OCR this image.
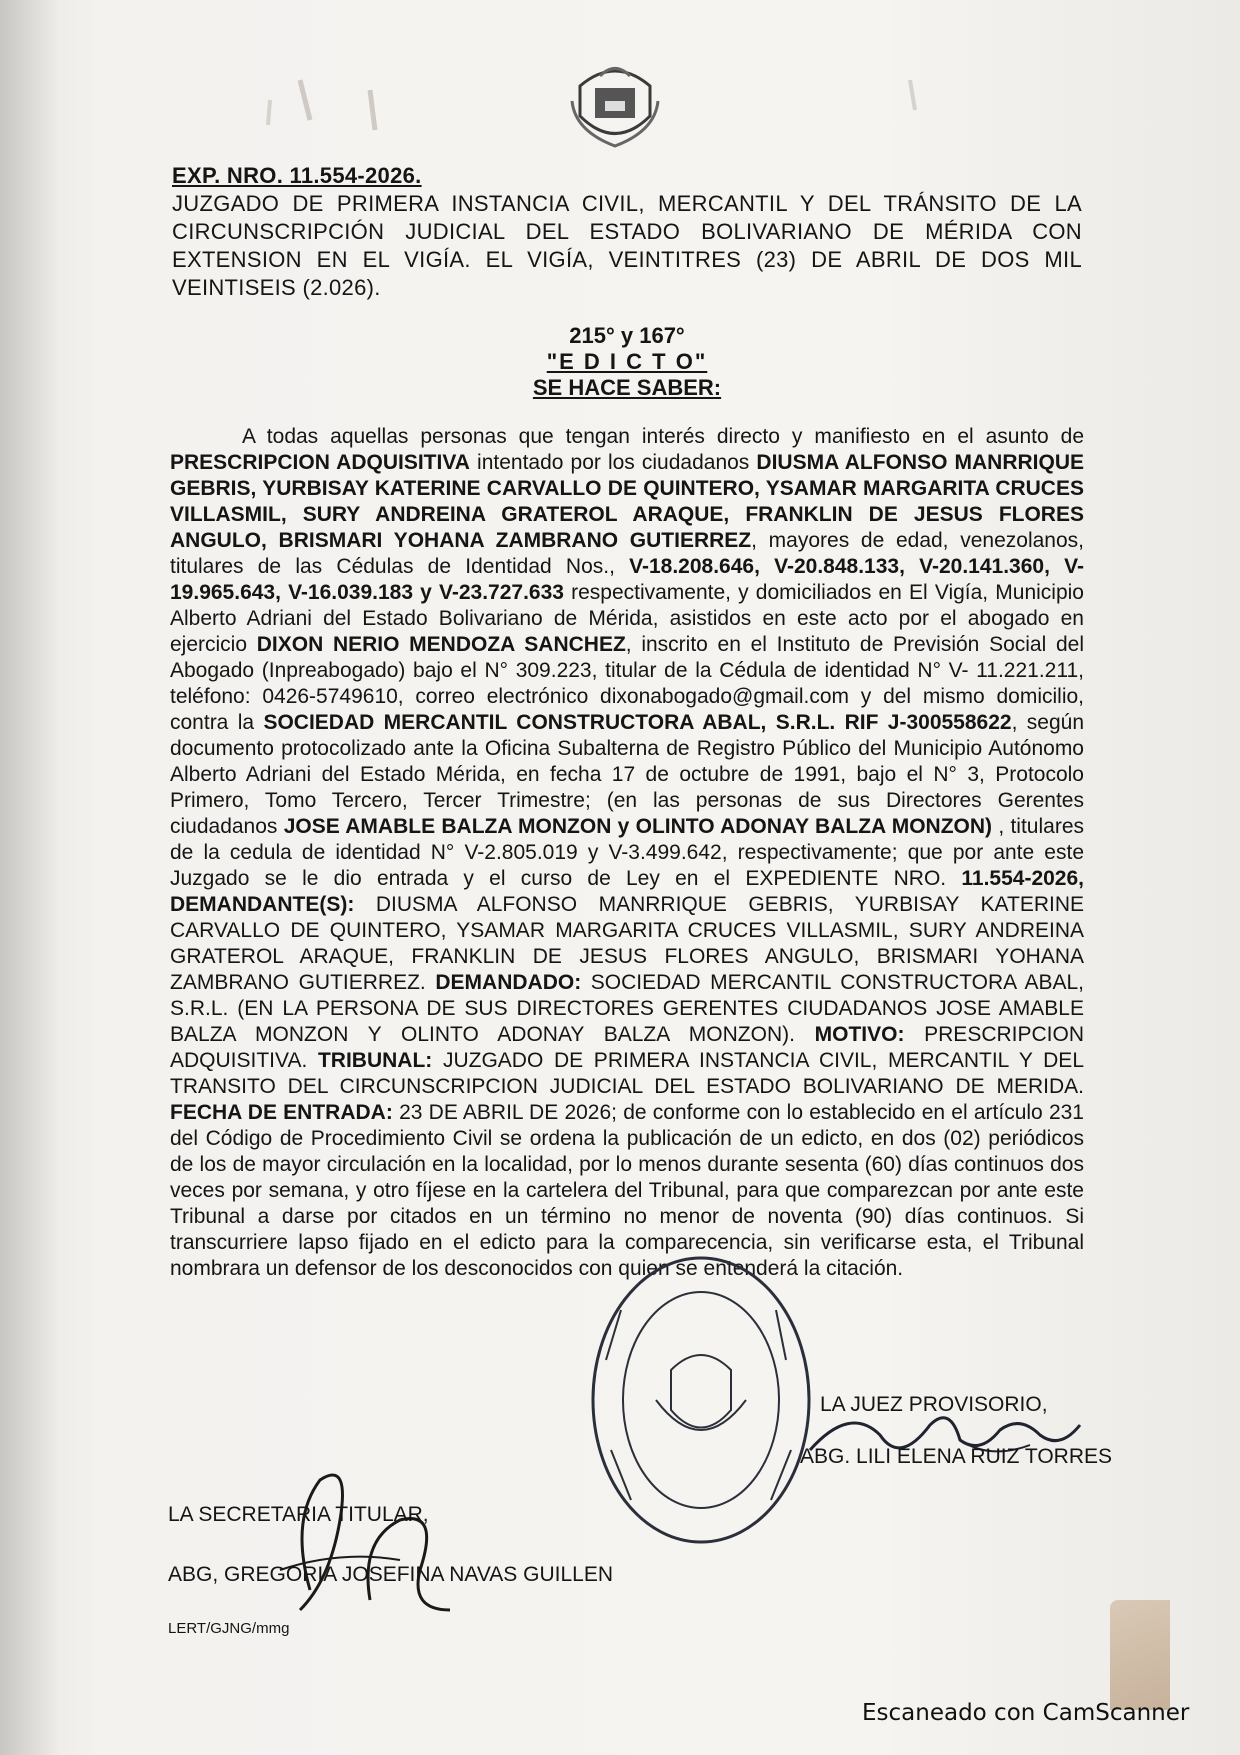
EXP. NRO. 11.554-2026.
JUZGADO DE PRIMERA INSTANCIA CIVIL, MERCANTIL Y DEL TRÁNSITO DE LA CIRCUNSCRIPCIÓN JUDICIAL DEL ESTADO BOLIVARIANO DE MÉRIDA CON EXTENSION EN EL VIGÍA. EL VIGÍA, VEINTITRES (23) DE ABRIL DE DOS MIL VEINTISEIS (2.026).
215° y 167°
"E D I C T O"
SE HACE SABER:
A todas aquellas personas que tengan interés directo y manifiesto en el asunto de PRESCRIPCION ADQUISITIVA intentado por los ciudadanos DIUSMA ALFONSO MANRRIQUE GEBRIS, YURBISAY KATERINE CARVALLO DE QUINTERO, YSAMAR MARGARITA CRUCES VILLASMIL, SURY ANDREINA GRATEROL ARAQUE, FRANKLIN DE JESUS FLORES ANGULO, BRISMARI YOHANA ZAMBRANO GUTIERREZ, mayores de edad, venezolanos, titulares de las Cédulas de Identidad Nos., V-18.208.646, V-20.848.133, V-20.141.360, V-19.965.643, V-16.039.183 y V-23.727.633 respectivamente, y domiciliados en El Vigía, Municipio Alberto Adriani del Estado Bolivariano de Mérida, asistidos en este acto por el abogado en ejercicio DIXON NERIO MENDOZA SANCHEZ, inscrito en el Instituto de Previsión Social del Abogado (Inpreabogado) bajo el N° 309.223, titular de la Cédula de identidad N° V- 11.221.211, teléfono: 0426-5749610, correo electrónico dixonabogado@gmail.com y del mismo domicilio, contra la SOCIEDAD MERCANTIL CONSTRUCTORA ABAL, S.R.L. RIF J-300558622, según documento protocolizado ante la Oficina Subalterna de Registro Público del Municipio Autónomo Alberto Adriani del Estado Mérida, en fecha 17 de octubre de 1991, bajo el N° 3, Protocolo Primero, Tomo Tercero, Tercer Trimestre; (en las personas de sus Directores Gerentes ciudadanos JOSE AMABLE BALZA MONZON y OLINTO ADONAY BALZA MONZON) , titulares de la cedula de identidad N° V-2.805.019 y V-3.499.642, respectivamente; que por ante este Juzgado se le dio entrada y el curso de Ley en el EXPEDIENTE NRO. 11.554-2026, DEMANDANTE(S): DIUSMA ALFONSO MANRRIQUE GEBRIS, YURBISAY KATERINE CARVALLO DE QUINTERO, YSAMAR MARGARITA CRUCES VILLASMIL, SURY ANDREINA GRATEROL ARAQUE, FRANKLIN DE JESUS FLORES ANGULO, BRISMARI YOHANA ZAMBRANO GUTIERREZ. DEMANDADO: SOCIEDAD MERCANTIL CONSTRUCTORA ABAL, S.R.L. (EN LA PERSONA DE SUS DIRECTORES GERENTES CIUDADANOS JOSE AMABLE BALZA MONZON Y OLINTO ADONAY BALZA MONZON). MOTIVO: PRESCRIPCION ADQUISITIVA. TRIBUNAL: JUZGADO DE PRIMERA INSTANCIA CIVIL, MERCANTIL Y DEL TRANSITO DEL CIRCUNSCRIPCION JUDICIAL DEL ESTADO BOLIVARIANO DE MERIDA. FECHA DE ENTRADA: 23 DE ABRIL DE 2026; de conforme con lo establecido en el artículo 231 del Código de Procedimiento Civil se ordena la publicación de un edicto, en dos (02) periódicos de los de mayor circulación en la localidad, por lo menos durante sesenta (60) días continuos dos veces por semana, y otro fíjese en la cartelera del Tribunal, para que comparezcan por ante este Tribunal a darse por citados en un término no menor de noventa (90) días continuos. Si transcurriere lapso fijado en el edicto para la comparecencia, sin verificarse esta, el Tribunal nombrara un defensor de los desconocidos con quien se entenderá la citación.
LA JUEZ PROVISORIO,
ABG. LILI ELENA RUIZ TORRES
LA SECRETARIA TITULAR,
ABG, GREGORIA JOSEFINA NAVAS GUILLEN
LERT/GJNG/mmg
Escaneado con CamScanner
